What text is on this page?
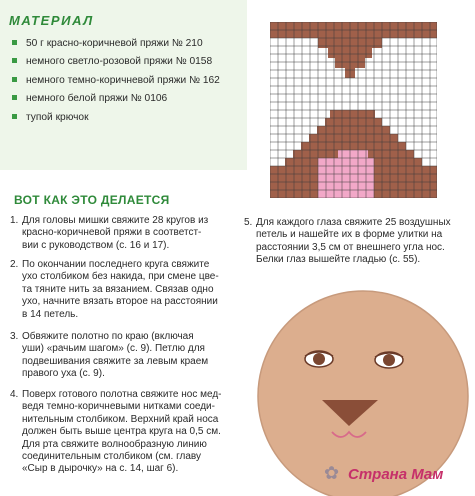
МАТЕРИАЛ
50 г красно-коричневой пряжи № 210
немного светло-розовой пряжи № 0158
немного темно-коричневой пряжи № 162
немного белой пряжи № 0106
тупой крючок
ВОТ КАК ЭТО ДЕЛАЕТСЯ
1. Для головы мишки свяжите 28 кругов из
красно-коричневой пряжи в соответст-
вии с руководством (с. 16 и 17).
2. По окончании последнего круга свяжите
ухо столбиком без накида, при смене цве-
та тяните нить за вязанием. Связав одно
ухо, начните вязать второе на расстоянии
в 14 петель.
3. Обвяжите полотно по краю (включая
уши) «рачьим шагом» (с. 9). Петлю для
подвешивания свяжите за левым краем
правого уха (с. 9).
4. Поверх готового полотна свяжите нос мед-
ведя темно-коричневыми нитками соеди-
нительным столбиком. Верхний край носа
должен быть выше центра круга на 0,5 см.
Для рта свяжите волнообразную линию
соединительным столбиком (см. главу
«Сыр в дырочку» на с. 14, шаг 6).
5. Для каждого глаза свяжите 25 воздушных
петель и нашейте их в форме улитки на
расстоянии 3,5 см от внешнего угла нос.
Белки глаз вышейте гладью (с. 55).
✿ Страна Мам
